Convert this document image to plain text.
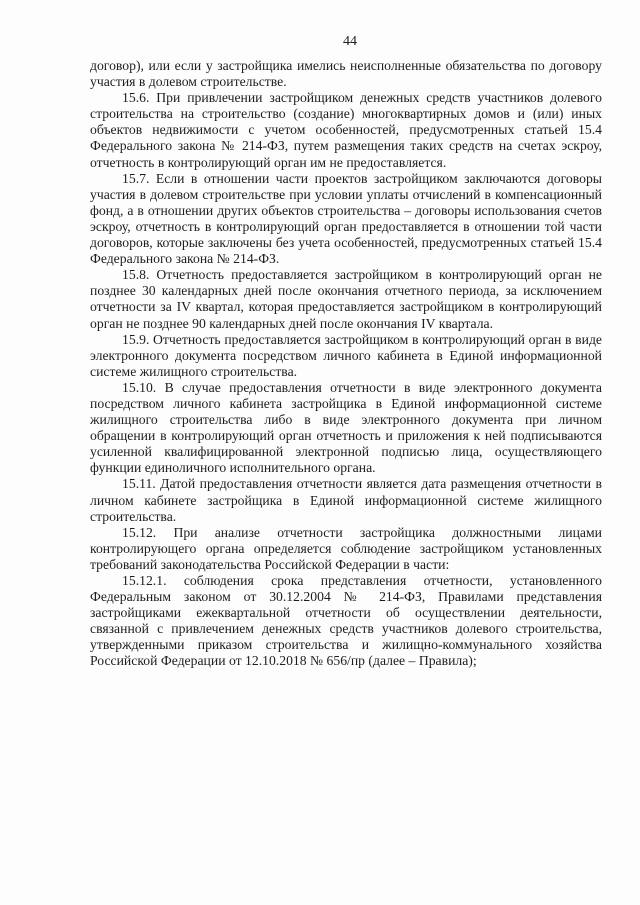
44

договор), или если у застройщика имелись неисполненные обязательства по договору участия в долевом строительстве.

15.6. При привлечении застройщиком денежных средств участников долевого строительства на строительство (создание) многоквартирных домов и (или) иных объектов недвижимости с учетом особенностей, предусмотренных статьей 15.4 Федерального закона № 214-ФЗ, путем размещения таких средств на счетах эскроу, отчетность в контролирующий орган им не предоставляется.

15.7. Если в отношении части проектов застройщиком заключаются договоры участия в долевом строительстве при условии уплаты отчислений в компенсационный фонд, а в отношении других объектов строительства – договоры использования счетов эскроу, отчетность в контролирующий орган предоставляется в отношении той части договоров, которые заключены без учета особенностей, предусмотренных статьей 15.4 Федерального закона № 214-ФЗ.

15.8. Отчетность предоставляется застройщиком в контролирующий орган не позднее 30 календарных дней после окончания отчетного периода, за исключением отчетности за IV квартал, которая предоставляется застройщиком в контролирующий орган не позднее 90 календарных дней после окончания IV квартала.

15.9. Отчетность предоставляется застройщиком в контролирующий орган в виде электронного документа посредством личного кабинета в Единой информационной системе жилищного строительства.

15.10. В случае предоставления отчетности в виде электронного документа посредством личного кабинета застройщика в Единой информационной системе жилищного строительства либо в виде электронного документа при личном обращении в контролирующий орган отчетность и приложения к ней подписываются усиленной квалифицированной электронной подписью лица, осуществляющего функции единоличного исполнительного органа.

15.11. Датой предоставления отчетности является дата размещения отчетности в личном кабинете застройщика в Единой информационной системе жилищного строительства.

15.12. При анализе отчетности застройщика должностными лицами контролирующего органа определяется соблюдение застройщиком установленных требований законодательства Российской Федерации в части:

15.12.1. соблюдения срока представления отчетности, установленного Федеральным законом от 30.12.2004 № 214-ФЗ, Правилами представления застройщиками ежеквартальной отчетности об осуществлении деятельности, связанной с привлечением денежных средств участников долевого строительства, утвержденными приказом строительства и жилищно-коммунального хозяйства Российской Федерации от 12.10.2018 № 656/пр (далее – Правила);
